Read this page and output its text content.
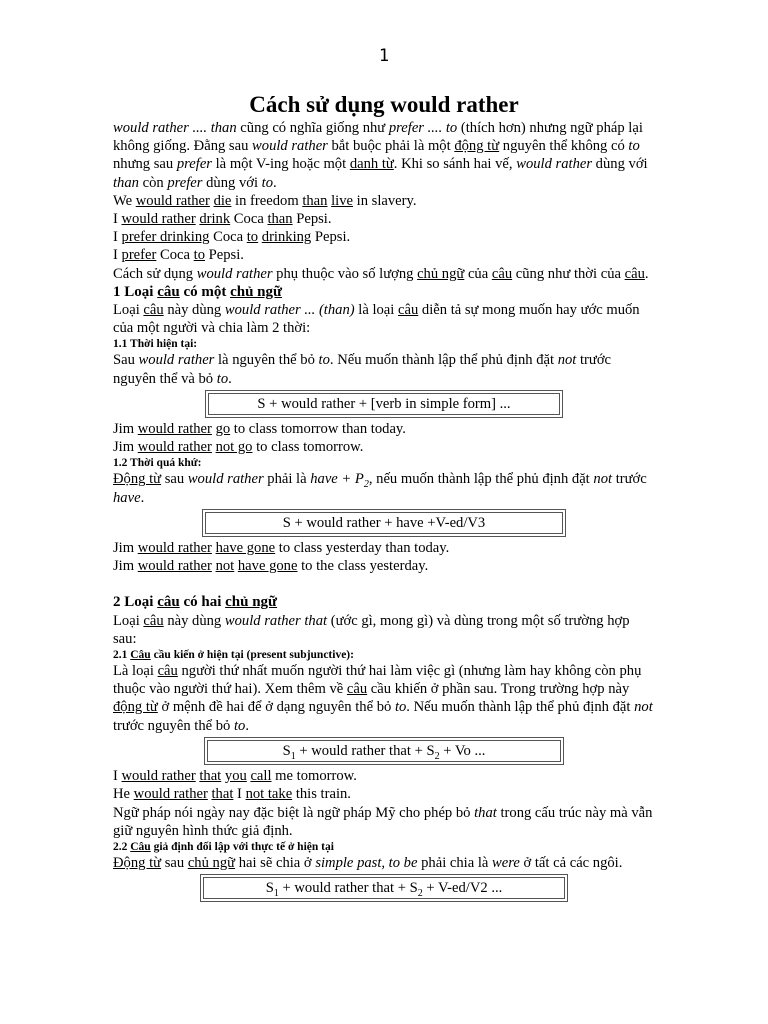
1
Cách sử dụng would rather

would rather .... than cũng có nghĩa giống như prefer .... to (thích hơn) nhưng ngữ pháp lại không giống. Đằng sau would rather bắt buộc phải là một động từ nguyên thể không có to nhưng sau prefer là một V-ing hoặc một danh từ. Khi so sánh hai vế, would rather dùng với than còn prefer dùng với to.

We would rather die in freedom than live in slavery.

I would rather drink Coca than Pepsi.

I prefer drinking Coca to drinking Pepsi.

I prefer Coca to Pepsi.

Cách sử dụng would rather phụ thuộc vào số lượng chủ ngữ của câu cũng như thời của câu.

1 Loại câu có một chủ ngữ

Loại câu này dùng would rather ... (than) là loại câu diễn tả sự mong muốn hay ước muốn của một người và chia làm 2 thời:

1.1 Thời hiện tại:

Sau would rather là nguyên thể bỏ to. Nếu muốn thành lập thể phủ định đặt not trước nguyên thể và bỏ to.

S + would rather + [verb in simple form] ...

Jim would rather go to class tomorrow than today.

Jim would rather not go to class tomorrow.

1.2 Thời quá khứ:

Động từ sau would rather phải là have + $P_2$, nếu muốn thành lập thể phủ định đặt not trước have.

S + would rather + have +V-ed/V3

Jim would rather have gone to class yesterday than today.

Jim would rather not have gone to the class yesterday.

2 Loại câu có hai chủ ngữ

Loại câu này dùng would rather that (ước gì, mong gì) và dùng trong một số trường hợp sau:

2.1 Câu cầu kiến ở hiện tại (present subjunctive):

Là loại câu người thứ nhất muốn người thứ hai làm việc gì (nhưng làm hay không còn phụ thuộc vào người thứ hai). Xem thêm về câu cầu khiến ở phần sau. Trong trường hợp này động từ ở mệnh đề hai để ở dạng nguyên thể bỏ to. Nếu muốn thành lập thể phủ định đặt not trước nguyên thể bỏ to.

$S_1$ + would rather that + $S_2 + Vo$ ...

I would rather that you call me tomorrow.

He would rather that I not take this train.

Ngữ pháp nói ngày nay đặc biệt là ngữ pháp Mỹ cho phép bỏ that trong cấu trúc này mà vẫn giữ nguyên hình thức giả định.

2.2 Câu giả định đối lập với thực tế ở hiện tại

Động từ sau chủ ngữ hai sẽ chia ở simple past, to be phải chia là were ở tất cả các ngôi.

$S_1$ + would rather that + $S_2 + V-ed/V2$ ...
